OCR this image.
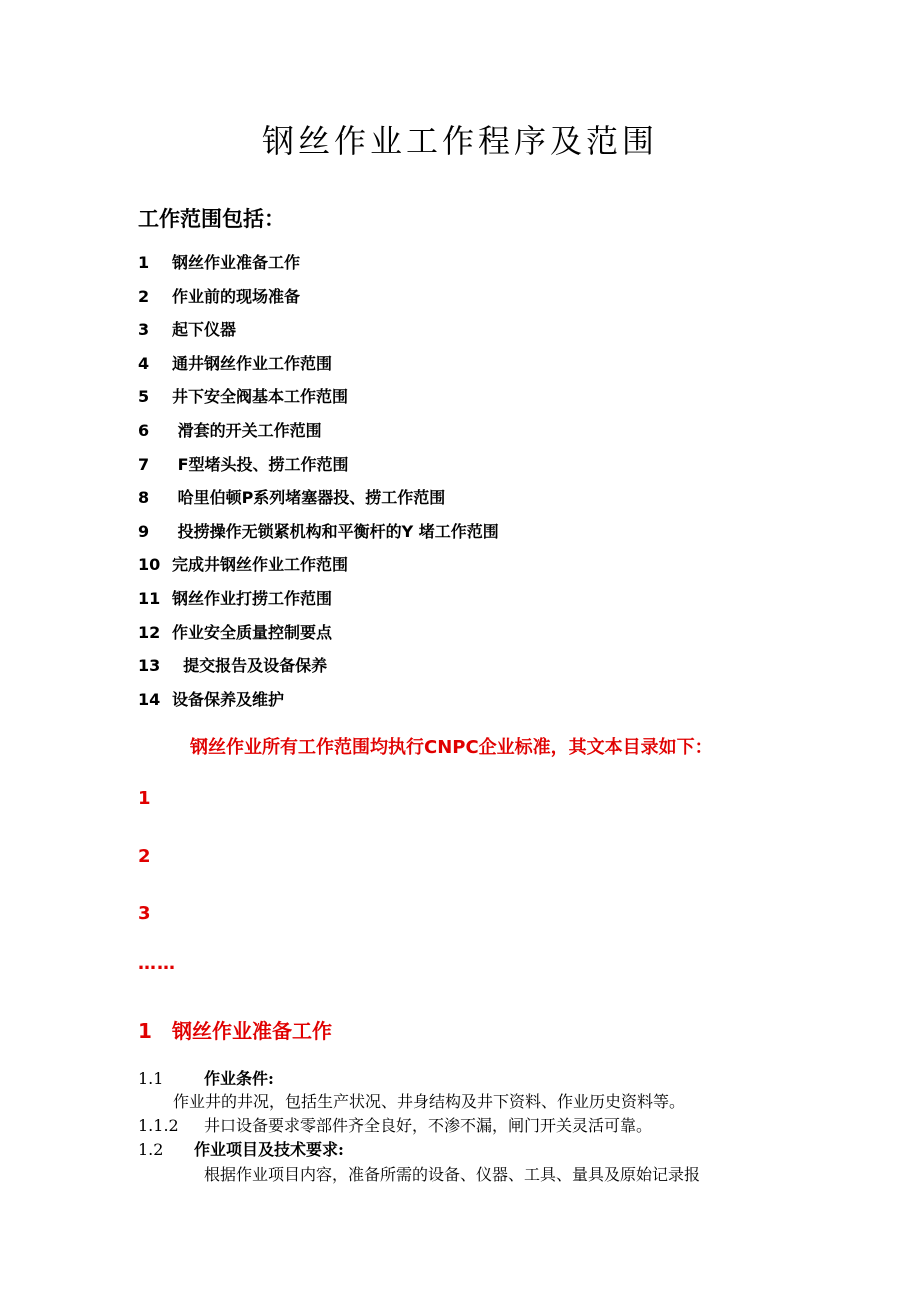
钢丝作业工作程序及范围
工作范围包括：
1 钢丝作业准备工作
2 作业前的现场准备
3 起下仪器
4 通井钢丝作业工作范围
5 井下安全阀基本工作范围
6 滑套的开关工作范围
7 F型堵头投、捞工作范围
8 哈里伯顿P系列堵塞器投、捞工作范围
9 投捞操作无锁紧机构和平衡杆的Y 堵工作范围
10 完成井钢丝作业工作范围
11 钢丝作业打捞工作范围
12 作业安全质量控制要点
13  提交报告及设备保养
14 设备保养及维护
钢丝作业所有工作范围均执行CNPC企业标准，其文本目录如下：
1
2
3
……
1 钢丝作业准备工作
1.1	作业条件:
作业井的井况，包括生产状况、井身结构及井下资料、作业历史资料等。
1.1.2 井口设备要求零部件齐全良好，不渗不漏，闸门开关灵活可靠。
1.2 作业项目及技术要求:
根据作业项目内容，准备所需的设备、仪器、工具、量具及原始记录报
